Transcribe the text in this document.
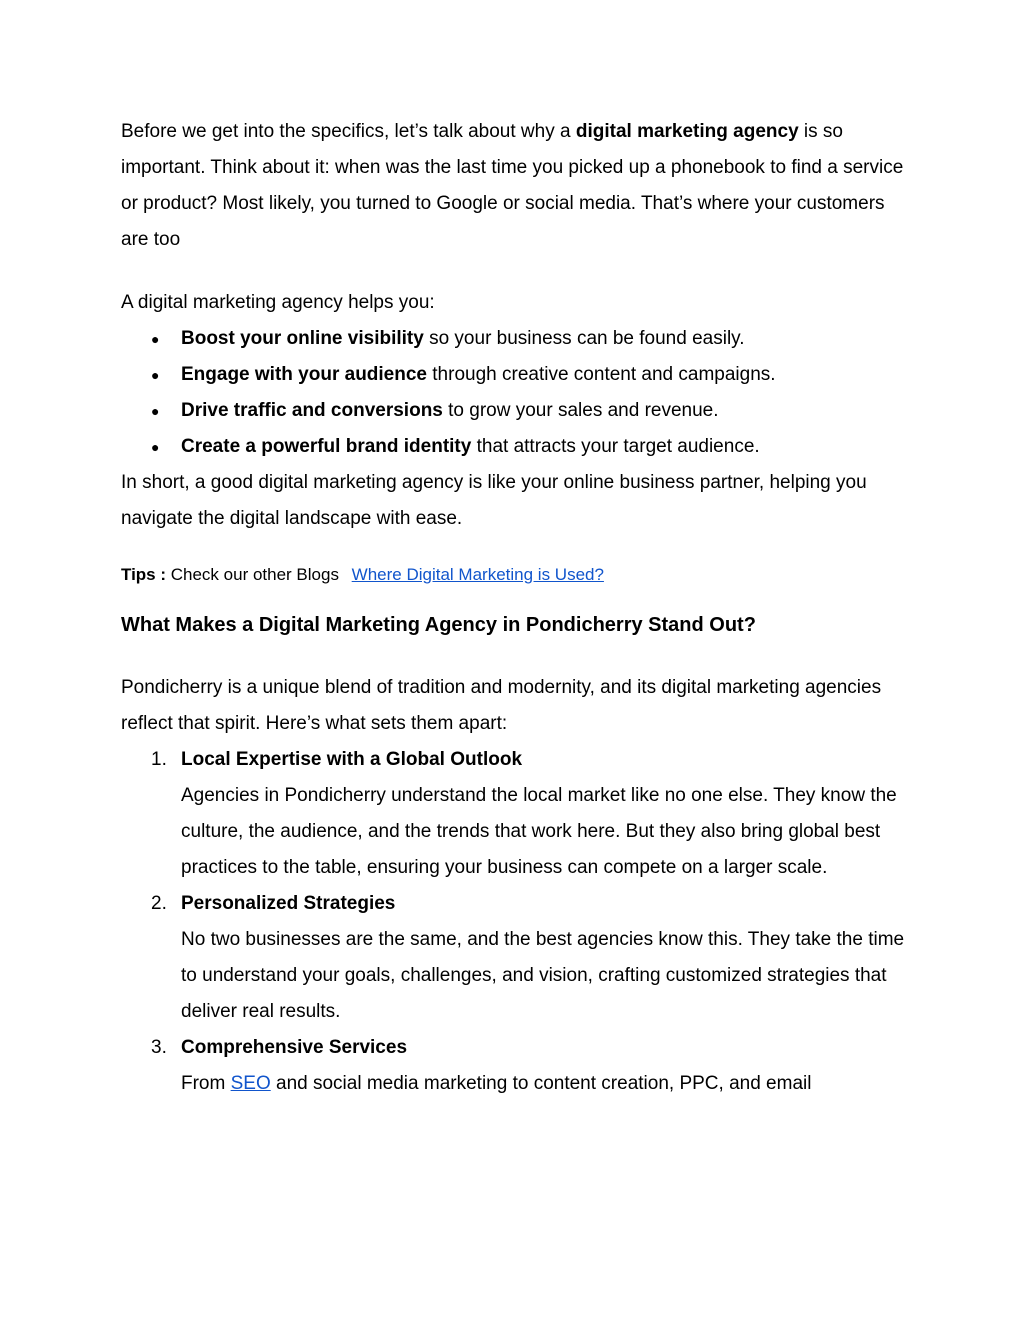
Before we get into the specifics, let’s talk about why a digital marketing agency is so important. Think about it: when was the last time you picked up a phonebook to find a service or product? Most likely, you turned to Google or social media. That’s where your customers are too

A digital marketing agency helps you:

● Boost your online visibility so your business can be found easily.
● Engage with your audience through creative content and campaigns.
● Drive traffic and conversions to grow your sales and revenue.
● Create a powerful brand identity that attracts your target audience.

In short, a good digital marketing agency is like your online business partner, helping you navigate the digital landscape with ease.

Tips : Check our other Blogs Where Digital Marketing is Used?

What Makes a Digital Marketing Agency in Pondicherry Stand Out?

Pondicherry is a unique blend of tradition and modernity, and its digital marketing agencies reflect that spirit. Here’s what sets them apart:

1. Local Expertise with a Global Outlook
Agencies in Pondicherry understand the local market like no one else. They know the culture, the audience, and the trends that work here. But they also bring global best practices to the table, ensuring your business can compete on a larger scale.
2. Personalized Strategies
No two businesses are the same, and the best agencies know this. They take the time to understand your goals, challenges, and vision, crafting customized strategies that deliver real results.
3. Comprehensive Services
From SEO and social media marketing to content creation, PPC, and email
